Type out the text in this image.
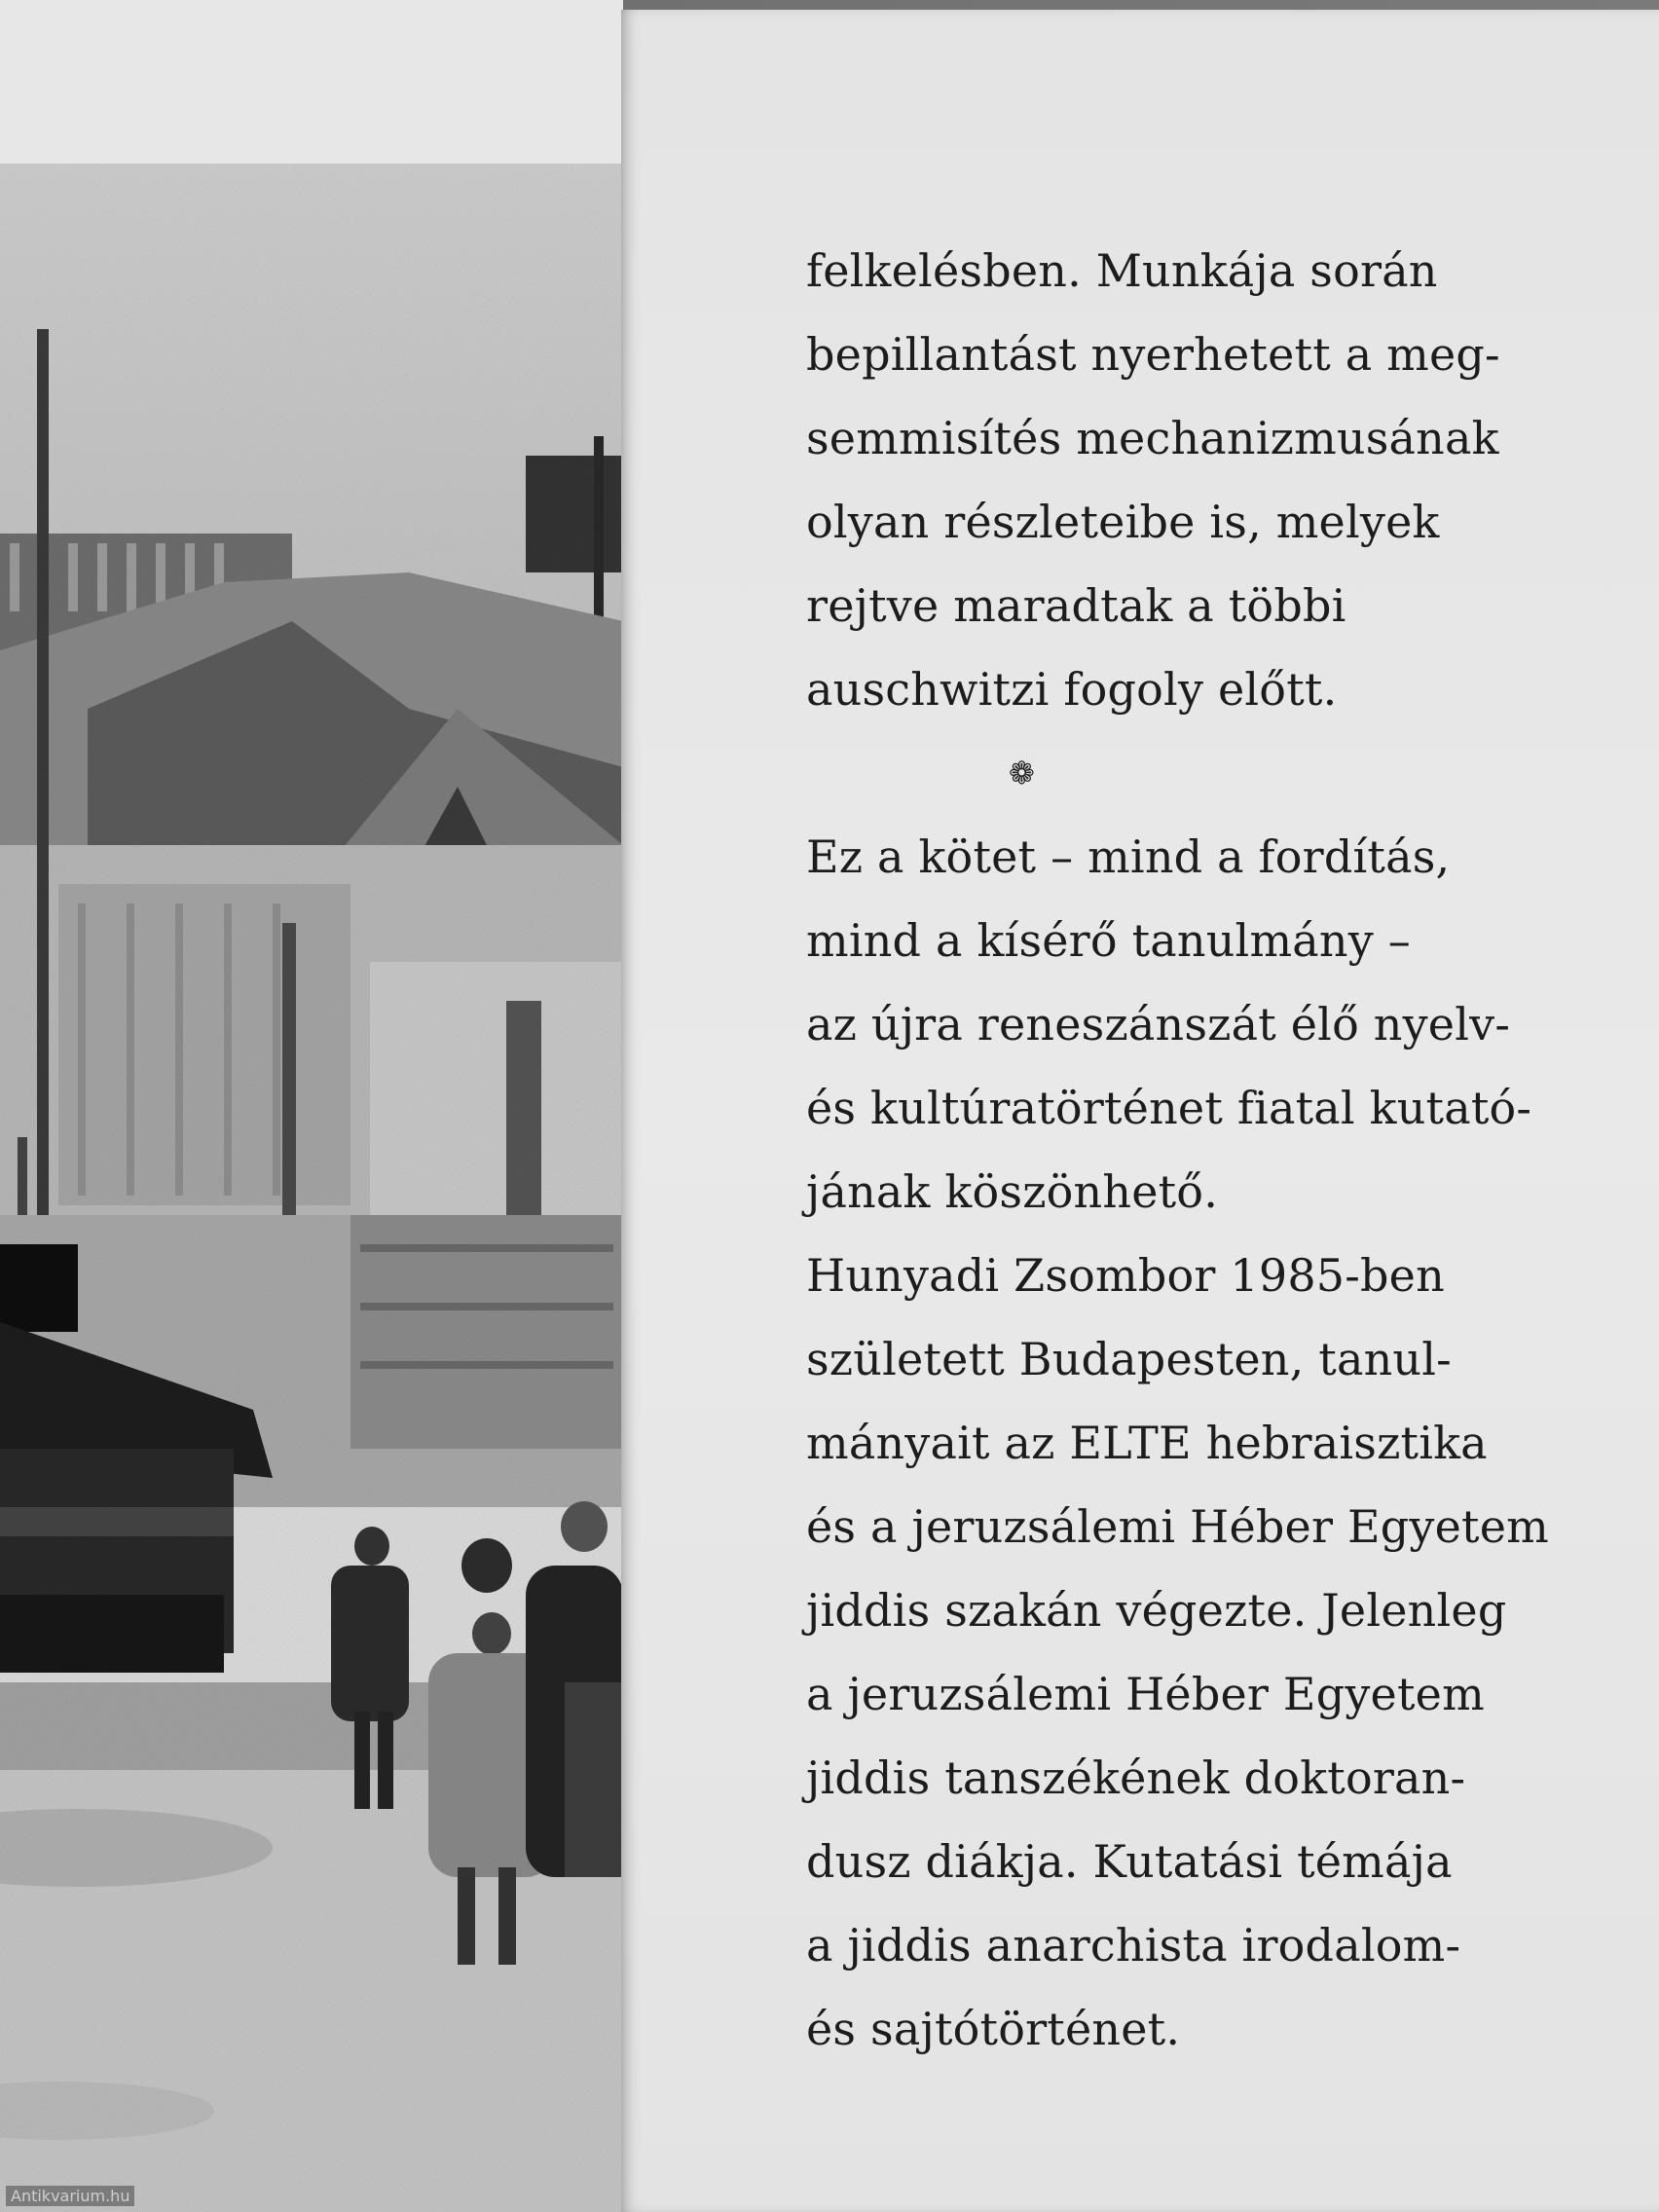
felkelésben. Munkája során
bepillantást nyerhetett a meg-
semmisítés mechanizmusának
olyan részleteibe is, melyek
rejtve maradtak a többi
auschwitzi fogoly előtt.
❁
Ez a kötet – mind a fordítás,
mind a kísérő tanulmány –
az újra reneszánszát élő nyelv-
és kultúratörténet fiatal kutató-
jának köszönhető.
Hunyadi Zsombor 1985-ben
született Budapesten, tanul-
mányait az ELTE hebraisztika
és a jeruzsálemi Héber Egyetem
jiddis szakán végezte. Jelenleg
a jeruzsálemi Héber Egyetem
jiddis tanszékének doktoran-
dusz diákja. Kutatási témája
a jiddis anarchista irodalom-
és sajtótörténet.
Antikvarium.hu
